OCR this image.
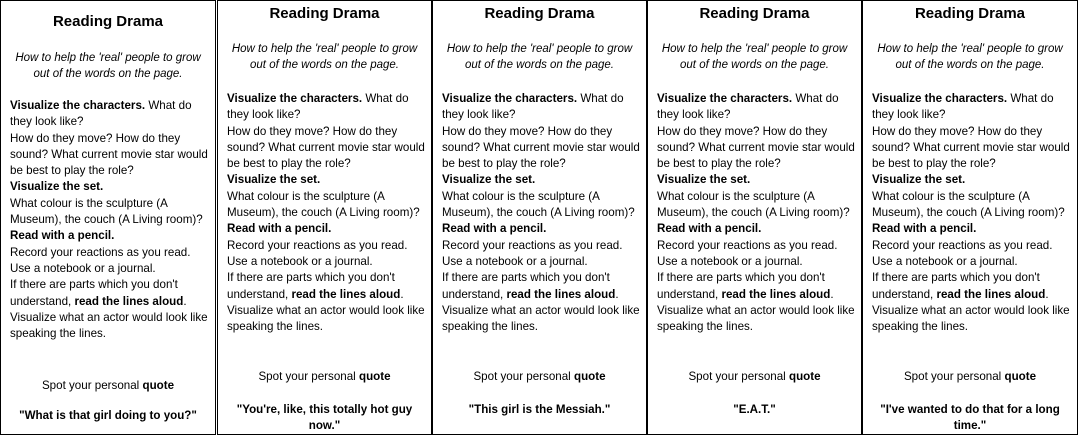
Reading Drama
How to help the 'real' people to grow out of the words on the page.
Visualize the characters. What do they look like?
How do they move? How do they sound? What current movie star would be best to play the role?
Visualize the set.
What colour is the sculpture (A Museum), the couch (A Living room)?
Read with a pencil.
Record your reactions as you read.
Use a notebook or a journal.
If there are parts which you don't understand, read the lines aloud.
Visualize what an actor would look like speaking the lines.
Spot your personal quote
"What is that girl doing to you?"
Reading Drama
How to help the 'real' people to grow out of the words on the page.
Visualize the characters. What do they look like?
How do they move? How do they sound? What current movie star would be best to play the role?
Visualize the set.
What colour is the sculpture (A Museum), the couch (A Living room)?
Read with a pencil.
Record your reactions as you read.
Use a notebook or a journal.
If there are parts which you don't understand, read the lines aloud.
Visualize what an actor would look like speaking the lines.
Spot your personal quote
"You're, like, this totally hot guy now."
Reading Drama
How to help the 'real' people to grow out of the words on the page.
Visualize the characters. What do they look like?
How do they move? How do they sound? What current movie star would be best to play the role?
Visualize the set.
What colour is the sculpture (A Museum), the couch (A Living room)?
Read with a pencil.
Record your reactions as you read.
Use a notebook or a journal.
If there are parts which you don't understand, read the lines aloud.
Visualize what an actor would look like speaking the lines.
Spot your personal quote
"This girl is the Messiah."
Reading Drama
How to help the 'real' people to grow out of the words on the page.
Visualize the characters. What do they look like?
How do they move? How do they sound? What current movie star would be best to play the role?
Visualize the set.
What colour is the sculpture (A Museum), the couch (A Living room)?
Read with a pencil.
Record your reactions as you read.
Use a notebook or a journal.
If there are parts which you don't understand, read the lines aloud.
Visualize what an actor would look like speaking the lines.
Spot your personal quote
"E.A.T."
Reading Drama
How to help the 'real' people to grow out of the words on the page.
Visualize the characters. What do they look like?
How do they move? How do they sound? What current movie star would be best to play the role?
Visualize the set.
What colour is the sculpture (A Museum), the couch (A Living room)?
Read with a pencil.
Record your reactions as you read.
Use a notebook or a journal.
If there are parts which you don't understand, read the lines aloud.
Visualize what an actor would look like speaking the lines.
Spot your personal quote
"I've wanted to do that for a long time."
